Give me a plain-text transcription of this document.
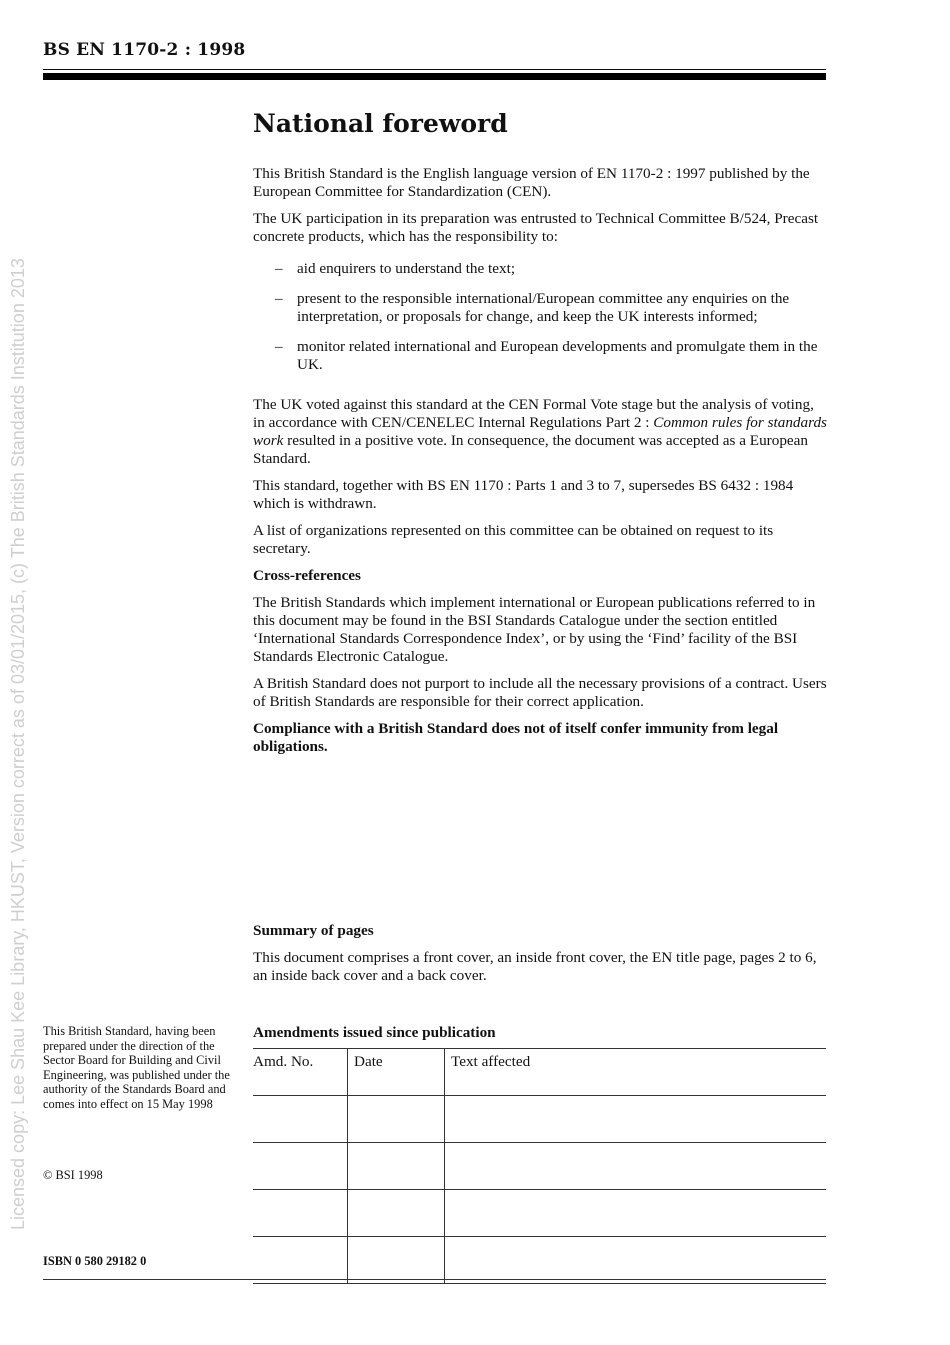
BS EN 1170-2 : 1998
Licensed copy: Lee Shau Kee Library, HKUST, Version correct as of 03/01/2015, (c) The British Standards Institution 2013
National foreword

This British Standard is the English language version of EN 1170-2 : 1997 published by the European Committee for Standardization (CEN).

The UK participation in its preparation was entrusted to Technical Committee B/524, Precast concrete products, which has the responsibility to:

– aid enquirers to understand the text;
– present to the responsible international/European committee any enquiries on the interpretation, or proposals for change, and keep the UK interests informed;
– monitor related international and European developments and promulgate them in the UK.

The UK voted against this standard at the CEN Formal Vote stage but the analysis of voting, in accordance with CEN/CENELEC Internal Regulations Part 2 : Common rules for standards work resulted in a positive vote. In consequence, the document was accepted as a European Standard.

This standard, together with BS EN 1170 : Parts 1 and 3 to 7, supersedes BS 6432 : 1984 which is withdrawn.

A list of organizations represented on this committee can be obtained on request to its secretary.

Cross-references

The British Standards which implement international or European publications referred to in this document may be found in the BSI Standards Catalogue under the section entitled ‘International Standards Correspondence Index’, or by using the ‘Find’ facility of the BSI Standards Electronic Catalogue.

A British Standard does not purport to include all the necessary provisions of a contract. Users of British Standards are responsible for their correct application.

Compliance with a British Standard does not of itself confer immunity from legal obligations.

Summary of pages

This document comprises a front cover, an inside front cover, the EN title page, pages 2 to 6, an inside back cover and a back cover.

Amendments issued since publication
Amd. No.	Date	Text affected

This British Standard, having been prepared under the direction of the Sector Board for Building and Civil Engineering, was published under the authority of the Standards Board and comes into effect on 15 May 1998
© BSI 1998
ISBN 0 580 29182 0
